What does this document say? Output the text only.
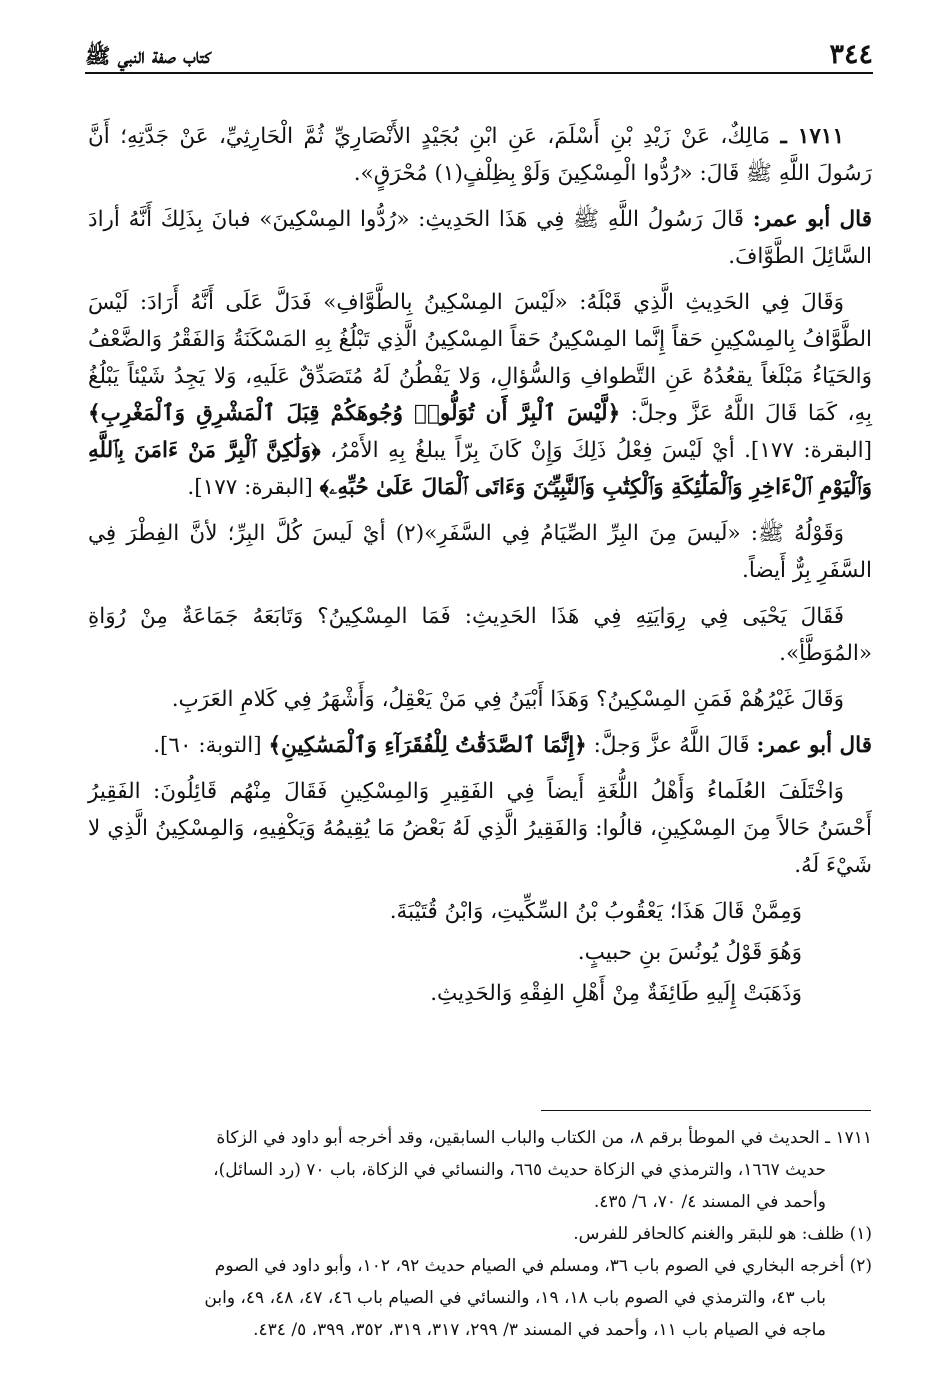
٣٤٤
كتاب صفة النبي ﷺ

١٧١١ ـ مَالِكٌ، عَنْ زَيْدِ بْنِ أَسْلَمَ، عَنِ ابْنِ بُجَيْدٍ الأَنْصَارِيِّ ثُمَّ الْحَارِثِيِّ، عَنْ جَدَّتِهِ؛ أَنَّ رَسُولَ اللَّهِ ﷺ قَالَ: «رُدُّوا الْمِسْكِينَ وَلَوْ بِظِلْفٍ(١) مُحْرَقٍ».

قال أبو عمر: قَالَ رَسُولُ اللَّهِ ﷺ فِي هَذَا الحَدِيثِ: «رُدُّوا المِسْكِينَ» فبانَ بِذَلِكَ أَنَّهُ أرادَ السَّائِلَ الطَّوَّافَ.

وَقَالَ فِي الحَدِيثِ الَّذِي قَبْلَهُ: «لَيْسَ المِسْكِينُ بِالطَّوَّافِ» فَدَلَّ عَلَى أَنَّهُ أَرَادَ: لَيْسَ الطَّوَّافُ بِالمِسْكِينِ حَقاً إِنَّما المِسْكِينُ حَقاً المِسْكِينُ الَّذِي تَبْلُغُ بِهِ المَسْكَنَةُ وَالفَقْرُ وَالضَّعْفُ وَالحَيَاءُ مَبْلَغاً يقعُدُهُ عَنِ التَّطوافِ وَالسُّؤالِ، وَلا يَفْطُنُ لَهُ مُتَصَدِّقٌ عَلَيهِ، وَلا يَجِدُ شَيْئاً يَبْلُغُ بِهِ، كَمَا قَالَ اللَّهُ عَزَّ وجلَّ: ﴿لَّيْسَ ٱلْبِرَّ أَن تُوَلُّوا۟ وُجُوهَكُمْ قِبَلَ ٱلْمَشْرِقِ وَٱلْمَغْرِبِ﴾ [البقرة: ١٧٧]. أيْ لَيْسَ فِعْلُ ذَلِكَ وَإِنْ كَانَ بِرّاً يبلغُ بِهِ الأَمْرُ، ﴿وَلَٰكِنَّ ٱلْبِرَّ مَنْ ءَامَنَ بِٱللَّهِ وَٱلْيَوْمِ ٱلْءَاخِرِ وَٱلْمَلَٰٓئِكَةِ وَٱلْكِتَٰبِ وَٱلنَّبِيِّـۧنَ وَءَاتَى ٱلْمَالَ عَلَىٰ حُبِّهِۦ﴾ [البقرة: ١٧٧].

وَقَوْلُهُ ﷺ: «لَيسَ مِنَ البِرِّ الصِّيَامُ فِي السَّفَرِ»(٢) أيْ لَيسَ كُلَّ البِرِّ؛ لأنَّ الفِطْرَ فِي السَّفَرِ بِرٌّ أَيضاً.

فَقَالَ يَحْيَى فِي رِوَايَتِهِ فِي هَذَا الحَدِيثِ: فَمَا المِسْكِينُ؟ وَتَابَعَهُ جَمَاعَةٌ مِنْ رُوَاةِ «المُوَطَّأِ».

وَقَالَ غَيْرُهُمْ فَمَنِ المِسْكِينُ؟ وَهَذَا أَبْيَنُ فِي مَنْ يَعْقِلُ، وَأَشْهَرُ فِي كَلامِ العَرَبِ.

قال أبو عمر: قَالَ اللَّهُ عزَّ وَجلَّ: ﴿إِنَّمَا ٱلصَّدَقَٰتُ لِلْفُقَرَآءِ وَٱلْمَسَٰكِينِ﴾ [التوبة: ٦٠].

وَاخْتَلَفَ العُلَماءُ وَأَهْلُ اللُّغَةِ أَيضاً فِي الفَقِيرِ وَالمِسْكِينِ فَقَالَ مِنْهُم قَائِلُونَ: الفَقِيرُ أَحْسَنُ حَالاً مِنَ المِسْكِينِ، قالُوا: وَالفَقِيرُ الَّذِي لَهُ بَعْضُ مَا يُقِيمُهُ وَيَكْفِيهِ، وَالمِسْكِينُ الَّذِي لا شَيْءَ لَهُ.

وَمِمَّنْ قَالَ هَذَا؛ يَعْقُوبُ بْنُ السِّكِّيتِ، وَابْنُ قُتَيْبَةَ.

وَهُوَ قَوْلُ يُونُسَ بنِ حبيبٍ.

وَذَهَبَتْ إِلَيهِ طَائِفَةٌ مِنْ أَهْلِ الفِقْهِ وَالحَدِيثِ.

١٧١١ ـ الحديث في الموطأ برقم ٨، من الكتاب والباب السابقين، وقد أخرجه أبو داود في الزكاة

حديث ١٦٦٧، والترمذي في الزكاة حديث ٦٦٥، والنسائي في الزكاة، باب ٧٠ (رد السائل)،

وأحمد في المسند ٤/ ٧٠، ٦/ ٤٣٥.

(١) ظلف: هو للبقر والغنم كالحافر للفرس.

(٢) أخرجه البخاري في الصوم باب ٣٦، ومسلم في الصيام حديث ٩٢، ١٠٢، وأبو داود في الصوم

باب ٤٣، والترمذي في الصوم باب ١٨، ١٩، والنسائي في الصيام باب ٤٦، ٤٧، ٤٨، ٤٩، وابن

ماجه في الصيام باب ١١، وأحمد في المسند ٣/ ٢٩٩، ٣١٧، ٣١٩، ٣٥٢، ٣٩٩، ٥/ ٤٣٤.
